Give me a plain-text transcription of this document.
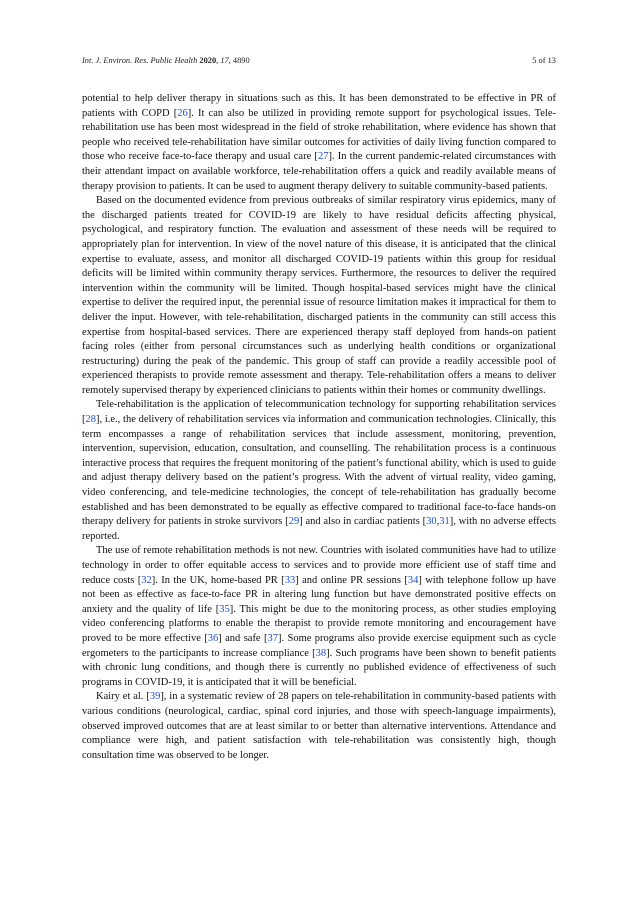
Int. J. Environ. Res. Public Health 2020, 17, 4890	5 of 13

potential to help deliver therapy in situations such as this. It has been demonstrated to be effective in PR of patients with COPD [26]. It can also be utilized in providing remote support for psychological issues. Tele-rehabilitation use has been most widespread in the field of stroke rehabilitation, where evidence has shown that people who received tele-rehabilitation have similar outcomes for activities of daily living function compared to those who receive face-to-face therapy and usual care [27]. In the current pandemic-related circumstances with their attendant impact on available workforce, tele-rehabilitation offers a quick and readily available means of therapy provision to patients. It can be used to augment therapy delivery to suitable community-based patients.

Based on the documented evidence from previous outbreaks of similar respiratory virus epidemics, many of the discharged patients treated for COVID-19 are likely to have residual deficits affecting physical, psychological, and respiratory function. The evaluation and assessment of these needs will be required to appropriately plan for intervention. In view of the novel nature of this disease, it is anticipated that the clinical expertise to evaluate, assess, and monitor all discharged COVID-19 patients within this group for residual deficits will be limited within community therapy services. Furthermore, the resources to deliver the required intervention within the community will be limited. Though hospital-based services might have the clinical expertise to deliver the required input, the perennial issue of resource limitation makes it impractical for them to deliver the input. However, with tele-rehabilitation, discharged patients in the community can still access this expertise from hospital-based services. There are experienced therapy staff deployed from hands-on patient facing roles (either from personal circumstances such as underlying health conditions or organizational restructuring) during the peak of the pandemic. This group of staff can provide a readily accessible pool of experienced therapists to provide remote assessment and therapy. Tele-rehabilitation offers a means to deliver remotely supervised therapy by experienced clinicians to patients within their homes or community dwellings.

Tele-rehabilitation is the application of telecommunication technology for supporting rehabilitation services [28], i.e., the delivery of rehabilitation services via information and communication technologies. Clinically, this term encompasses a range of rehabilitation services that include assessment, monitoring, prevention, intervention, supervision, education, consultation, and counselling. The rehabilitation process is a continuous interactive process that requires the frequent monitoring of the patient’s functional ability, which is used to guide and adjust therapy delivery based on the patient’s progress. With the advent of virtual reality, video gaming, video conferencing, and tele-medicine technologies, the concept of tele-rehabilitation has gradually become established and has been demonstrated to be equally as effective compared to traditional face-to-face hands-on therapy delivery for patients in stroke survivors [29] and also in cardiac patients [30,31], with no adverse effects reported.

The use of remote rehabilitation methods is not new. Countries with isolated communities have had to utilize technology in order to offer equitable access to services and to provide more efficient use of staff time and reduce costs [32]. In the UK, home-based PR [33] and online PR sessions [34] with telephone follow up have not been as effective as face-to-face PR in altering lung function but have demonstrated positive effects on anxiety and the quality of life [35]. This might be due to the monitoring process, as other studies employing video conferencing platforms to enable the therapist to provide remote monitoring and encouragement have proved to be more effective [36] and safe [37]. Some programs also provide exercise equipment such as cycle ergometers to the participants to increase compliance [38]. Such programs have been shown to benefit patients with chronic lung conditions, and though there is currently no published evidence of effectiveness of such programs in COVID-19, it is anticipated that it will be beneficial.

Kairy et al. [39], in a systematic review of 28 papers on tele-rehabilitation in community-based patients with various conditions (neurological, cardiac, spinal cord injuries, and those with speech-language impairments), observed improved outcomes that are at least similar to or better than alternative interventions. Attendance and compliance were high, and patient satisfaction with tele-rehabilitation was consistently high, though consultation time was observed to be longer.
